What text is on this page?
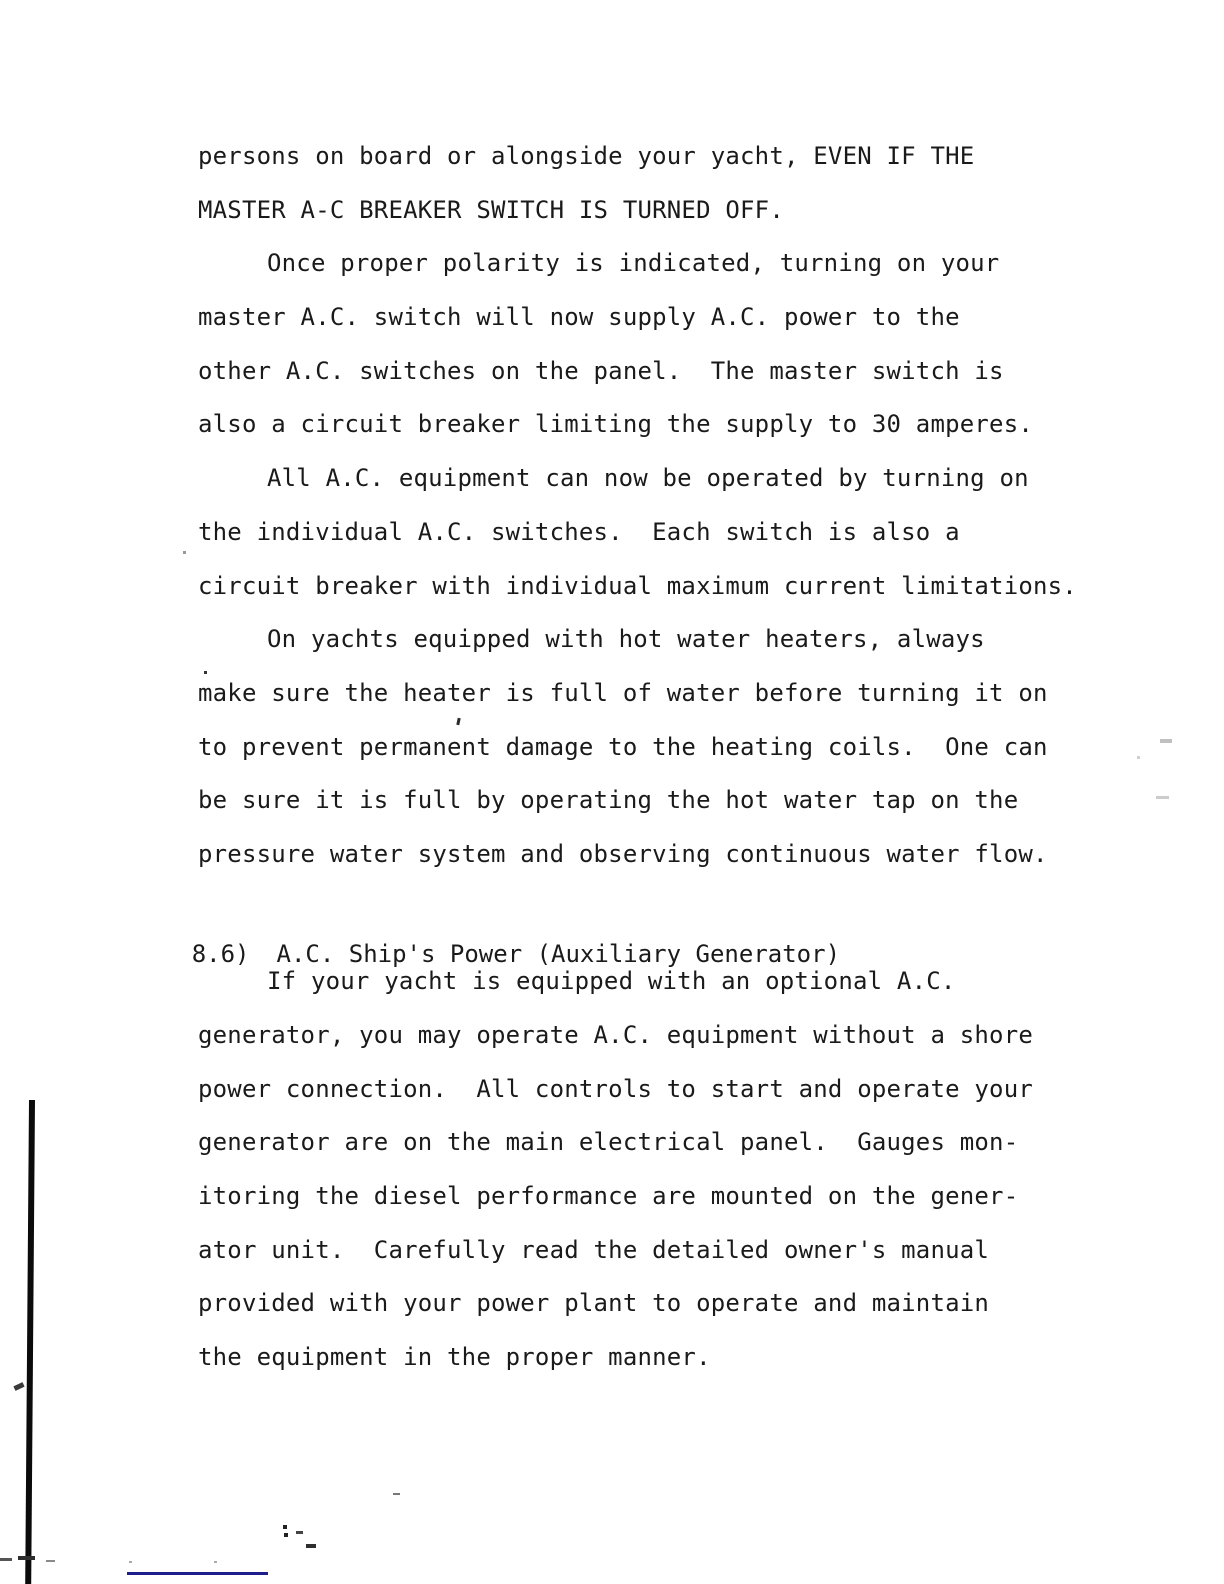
persons on board or alongside your yacht, EVEN IF THE
MASTER A-C BREAKER SWITCH IS TURNED OFF.
Once proper polarity is indicated, turning on your
master A.C. switch will now supply A.C. power to the
other A.C. switches on the panel.  The master switch is
also a circuit breaker limiting the supply to 30 amperes.
All A.C. equipment can now be operated by turning on
the individual A.C. switches.  Each switch is also a
circuit breaker with individual maximum current limitations.
On yachts equipped with hot water heaters, always
make sure the heater is full of water before turning it on
to prevent permanent damage to the heating coils.  One can
be sure it is full by operating the hot water tap on the
pressure water system and observing continuous water flow.

8.6) A.C. Ship's Power (Auxiliary Generator)

If your yacht is equipped with an optional A.C.
generator, you may operate A.C. equipment without a shore
power connection.  All controls to start and operate your
generator are on the main electrical panel.  Gauges mon-
itoring the diesel performance are mounted on the gener-
ator unit.  Carefully read the detailed owner's manual
provided with your power plant to operate and maintain
the equipment in the proper manner.
